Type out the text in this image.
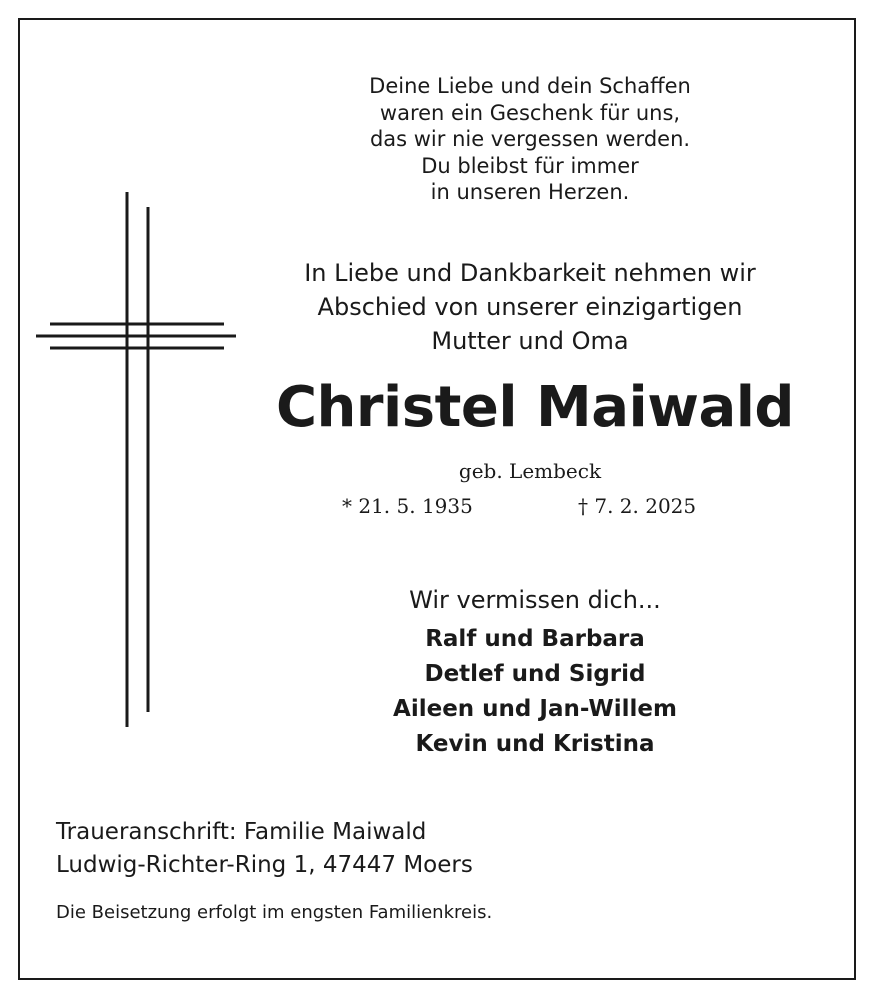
Deine Liebe und dein Schaffen
waren ein Geschenk für uns,
das wir nie vergessen werden.
Du bleibst für immer
in unseren Herzen.
In Liebe und Dankbarkeit nehmen wir
Abschied von unserer einzigartigen
Mutter und Oma
Christel Maiwald
geb. Lembeck
* 21. 5. 1935	† 7. 2. 2025
Wir vermissen dich...
Ralf und Barbara
Detlef und Sigrid
Aileen und Jan-Willem
Kevin und Kristina
Traueranschrift: Familie Maiwald
Ludwig-Richter-Ring 1, 47447 Moers
Die Beisetzung erfolgt im engsten Familienkreis.
